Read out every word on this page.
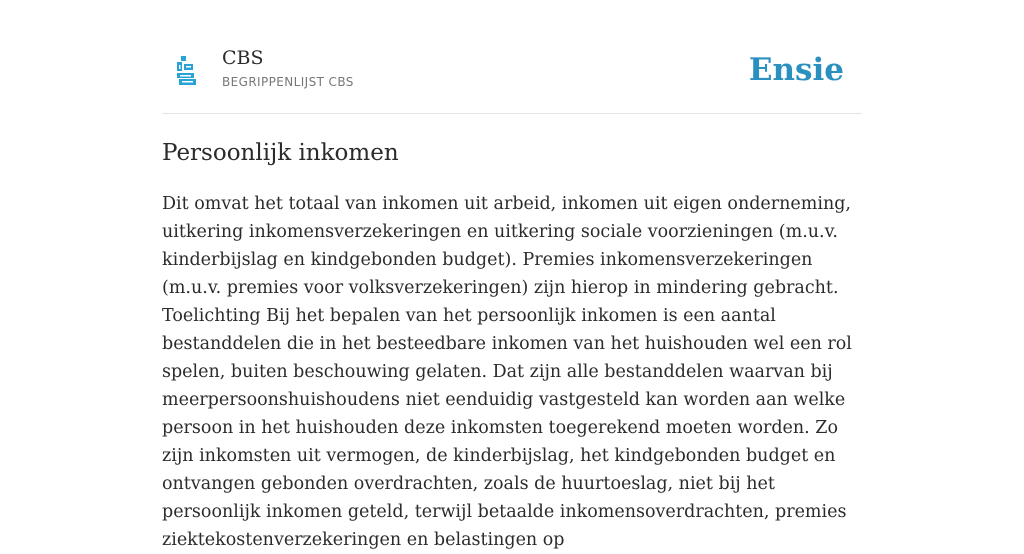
CBS
BEGRIPPENLIJST CBS	Ensie
Persoonlijk inkomen

Dit omvat het totaal van inkomen uit arbeid, inkomen uit eigen onderneming, uitkering inkomensverzekeringen en uitkering sociale voorzieningen (m.u.v. kinderbijslag en kindgebonden budget). Premies inkomensverzekeringen (m.u.v. premies voor volksverzekeringen) zijn hierop in mindering gebracht. Toelichting Bij het bepalen van het persoonlijk inkomen is een aantal bestanddelen die in het besteedbare inkomen van het huishouden wel een rol spelen, buiten beschouwing gelaten. Dat zijn alle bestanddelen waarvan bij meerpersoonshuishoudens niet eenduidig vastgesteld kan worden aan welke persoon in het huishouden deze inkomsten toegerekend moeten worden. Zo zijn inkomsten uit vermogen, de kinderbijslag, het kindgebonden budget en ontvangen gebonden overdrachten, zoals de huurtoeslag, niet bij het persoonlijk inkomen geteld, terwijl betaalde inkomensoverdrachten, premies ziektekostenverzekeringen en belastingen op
